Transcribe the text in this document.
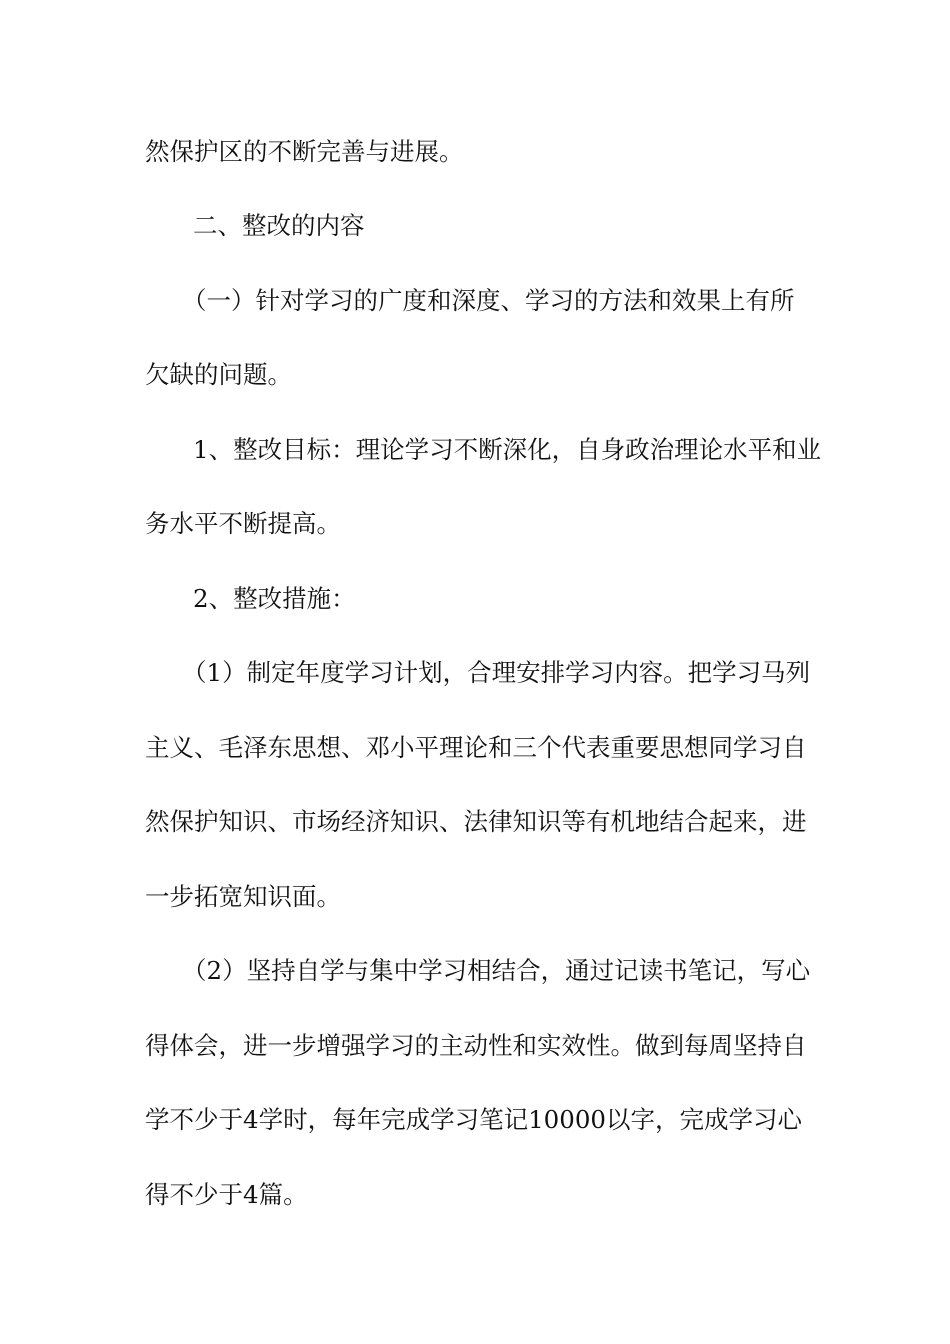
然保护区的不断完善与进展。
二、整改的内容
（一）针对学习的广度和深度、学习的方法和效果上有所
欠缺的问题。
1、整改目标：理论学习不断深化，自身政治理论水平和业
务水平不断提高。
2、整改措施：
（1）制定年度学习计划，合理安排学习内容。把学习马列
主义、毛泽东思想、邓小平理论和三个代表重要思想同学习自
然保护知识、市场经济知识、法律知识等有机地结合起来，进
一步拓宽知识面。
（2）坚持自学与集中学习相结合，通过记读书笔记，写心
得体会，进一步增强学习的主动性和实效性。做到每周坚持自
学不少于4学时，每年完成学习笔记10000以字，完成学习心
得不少于4篇。
